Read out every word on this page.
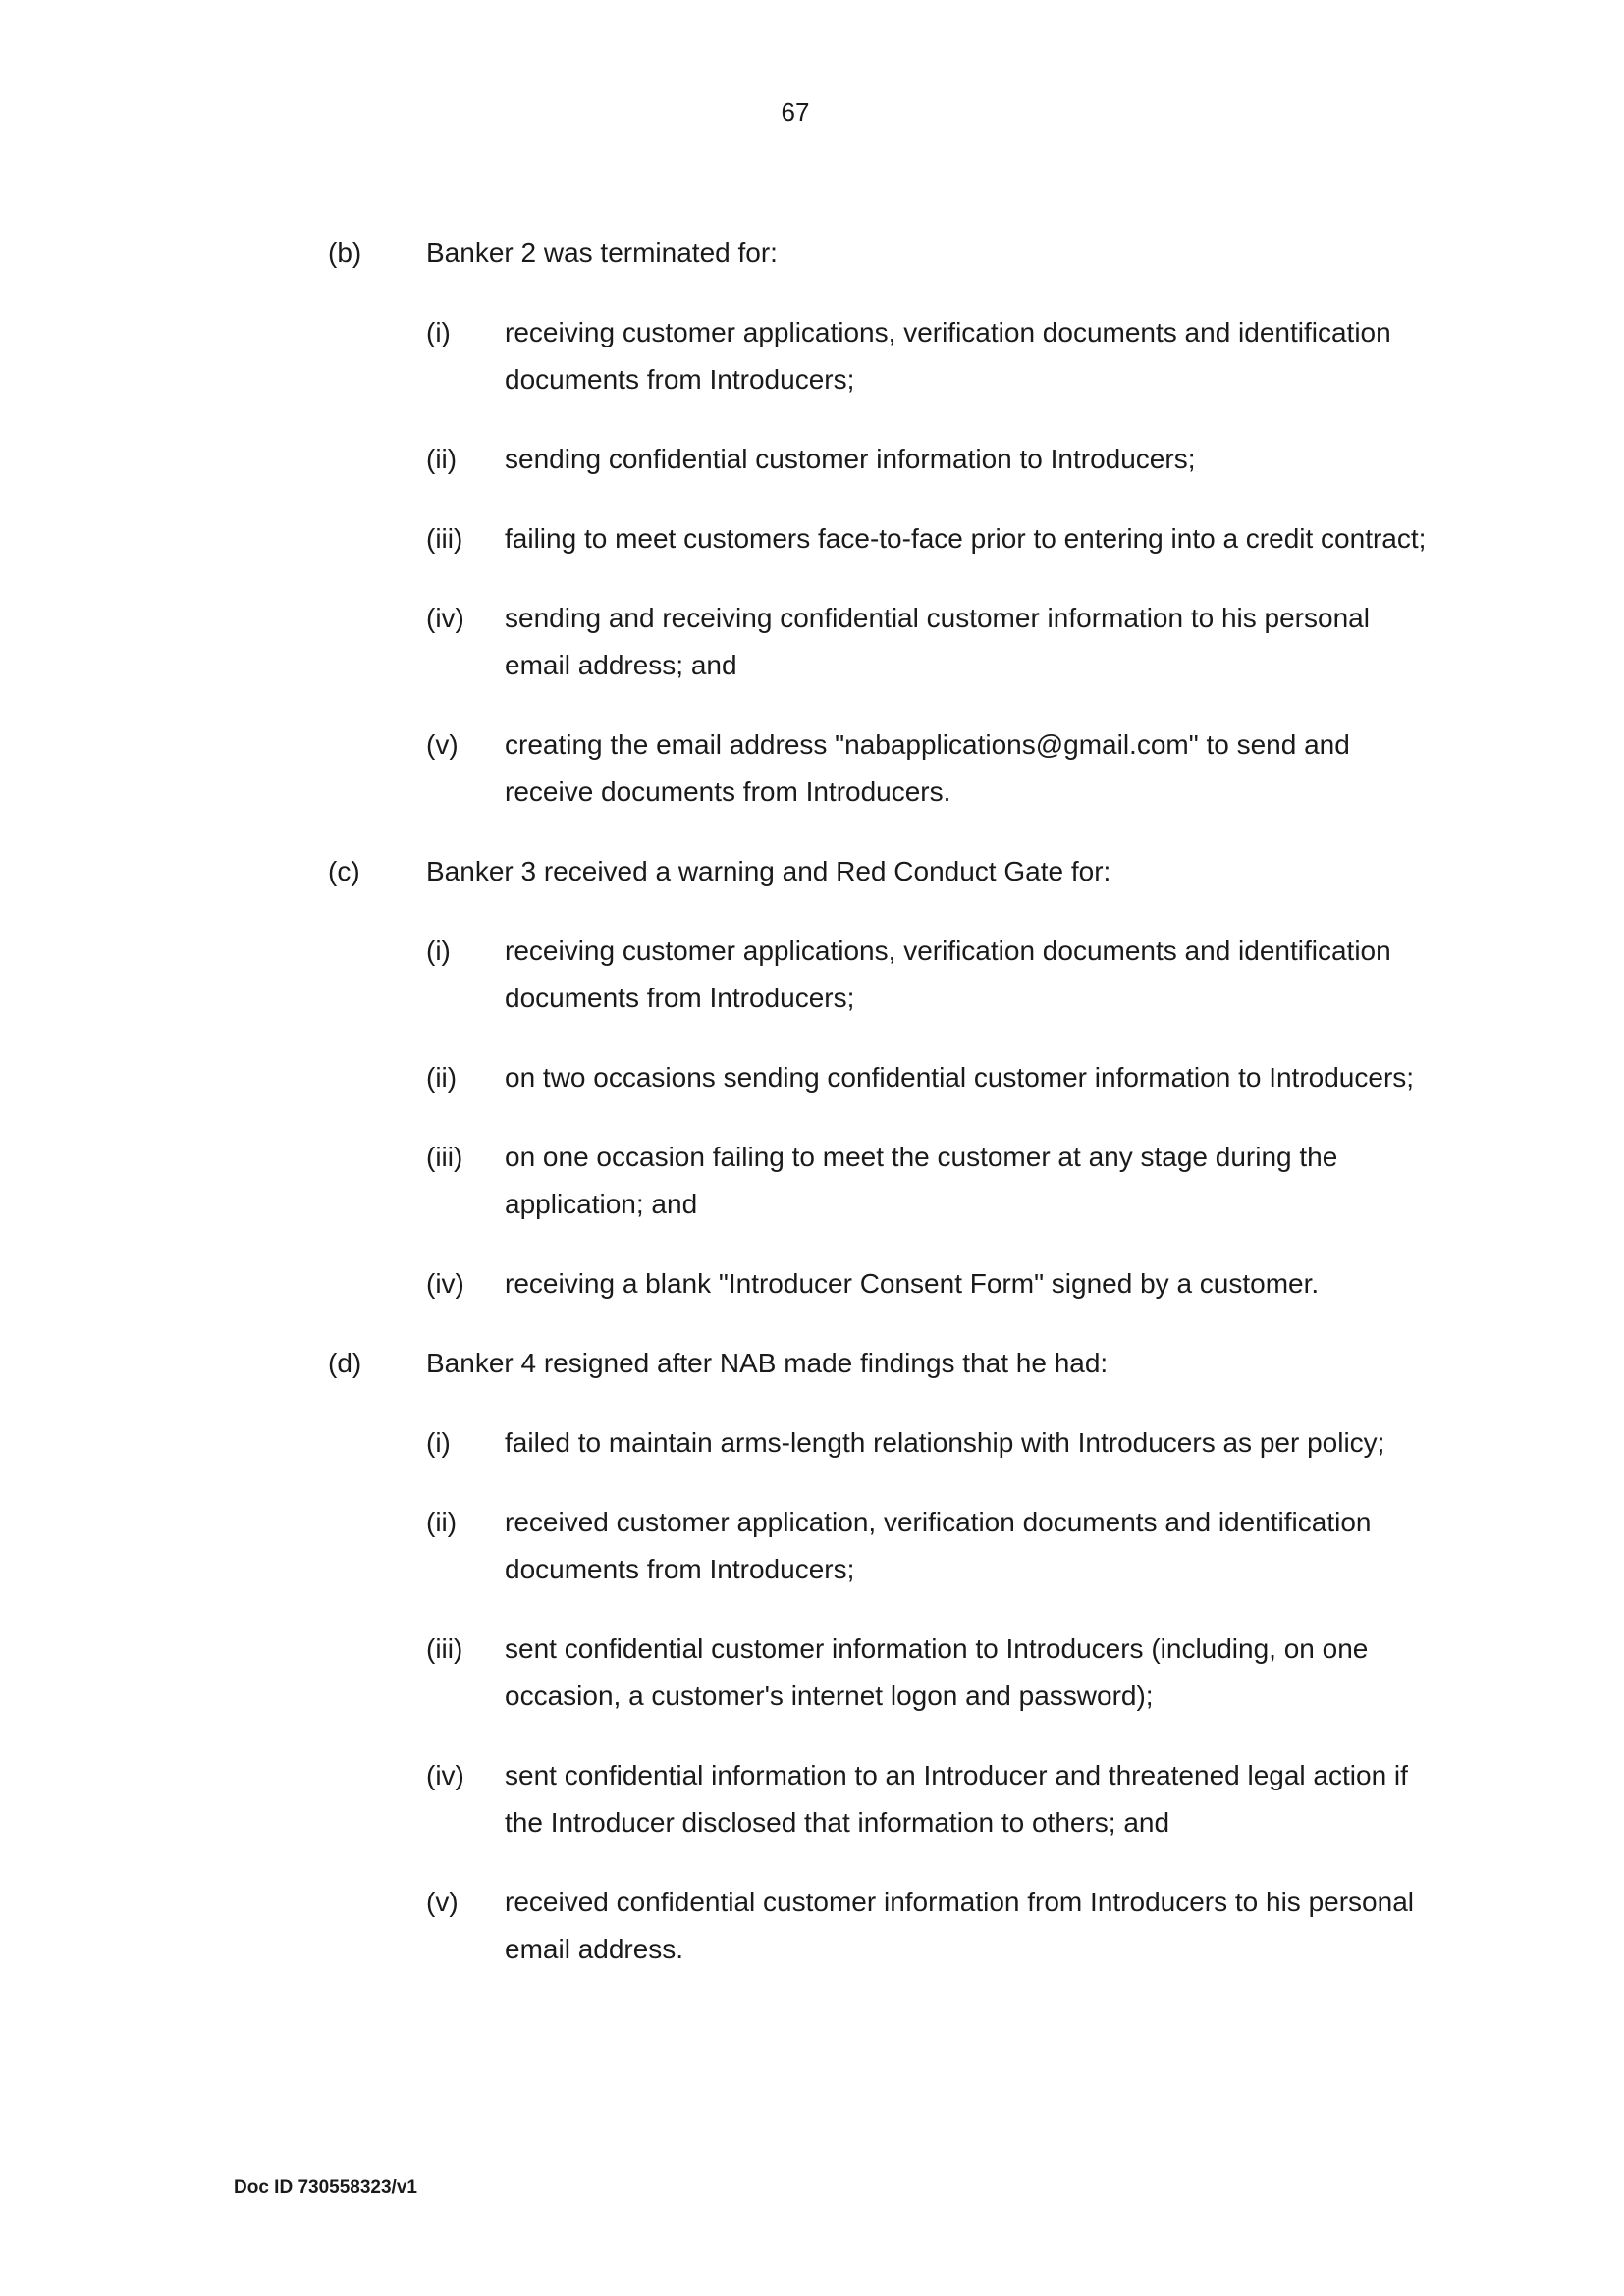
67
(b) Banker 2 was terminated for:
(i) receiving customer applications, verification documents and identification documents from Introducers;
(ii) sending confidential customer information to Introducers;
(iii) failing to meet customers face-to-face prior to entering into a credit contract;
(iv) sending and receiving confidential customer information to his personal email address; and
(v) creating the email address "nabapplications@gmail.com" to send and receive documents from Introducers.
(c) Banker 3 received a warning and Red Conduct Gate for:
(i) receiving customer applications, verification documents and identification documents from Introducers;
(ii) on two occasions sending confidential customer information to Introducers;
(iii) on one occasion failing to meet the customer at any stage during the application; and
(iv) receiving a blank "Introducer Consent Form" signed by a customer.
(d) Banker 4 resigned after NAB made findings that he had:
(i) failed to maintain arms-length relationship with Introducers as per policy;
(ii) received customer application, verification documents and identification documents from Introducers;
(iii) sent confidential customer information to Introducers (including, on one occasion, a customer's internet logon and password);
(iv) sent confidential information to an Introducer and threatened legal action if the Introducer disclosed that information to others; and
(v) received confidential customer information from Introducers to his personal email address.
Doc ID 730558323/v1
